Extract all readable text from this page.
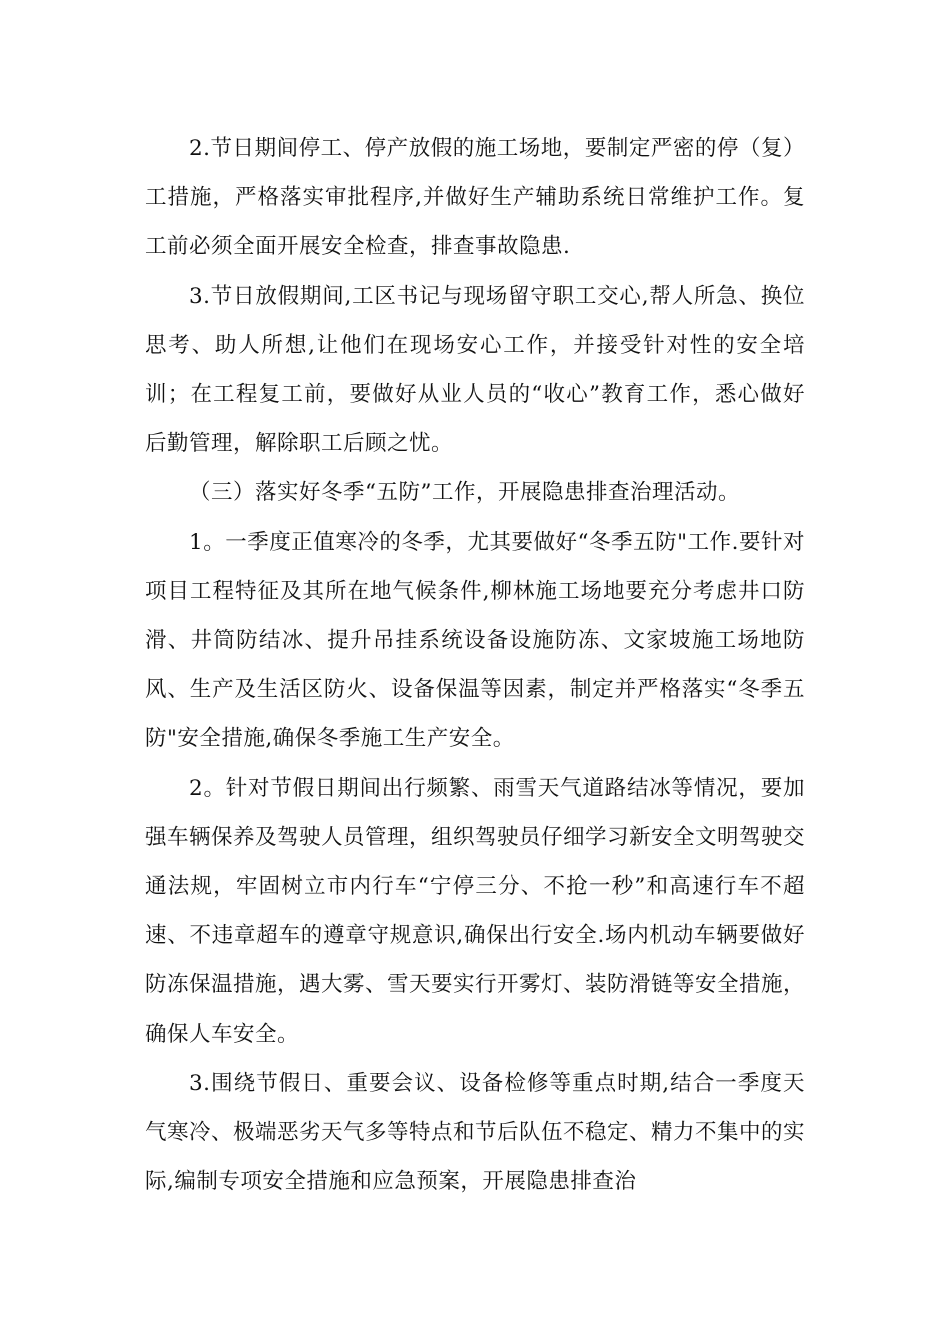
2.节日期间停工、停产放假的施工场地，要制定严密的停（复）工措施，严格落实审批程序,并做好生产辅助系统日常维护工作。复工前必须全面开展安全检查，排查事故隐患.

3.节日放假期间,工区书记与现场留守职工交心,帮人所急、换位思考、助人所想,让他们在现场安心工作，并接受针对性的安全培训；在工程复工前，要做好从业人员的“收心”教育工作，悉心做好后勤管理，解除职工后顾之忧。

（三）落实好冬季“五防”工作，开展隐患排查治理活动。

1。一季度正值寒冷的冬季，尤其要做好“冬季五防"工作.要针对项目工程特征及其所在地气候条件,柳林施工场地要充分考虑井口防滑、井筒防结冰、提升吊挂系统设备设施防冻、文家坡施工场地防风、生产及生活区防火、设备保温等因素，制定并严格落实“冬季五防"安全措施,确保冬季施工生产安全。

2。针对节假日期间出行频繁、雨雪天气道路结冰等情况，要加强车辆保养及驾驶人员管理，组织驾驶员仔细学习新安全文明驾驶交通法规，牢固树立市内行车“宁停三分、不抢一秒”和高速行车不超速、不违章超车的遵章守规意识,确保出行安全.场内机动车辆要做好防冻保温措施，遇大雾、雪天要实行开雾灯、装防滑链等安全措施，确保人车安全。

3.围绕节假日、重要会议、设备检修等重点时期,结合一季度天气寒冷、极端恶劣天气多等特点和节后队伍不稳定、精力不集中的实际,编制专项安全措施和应急预案，开展隐患排查治
